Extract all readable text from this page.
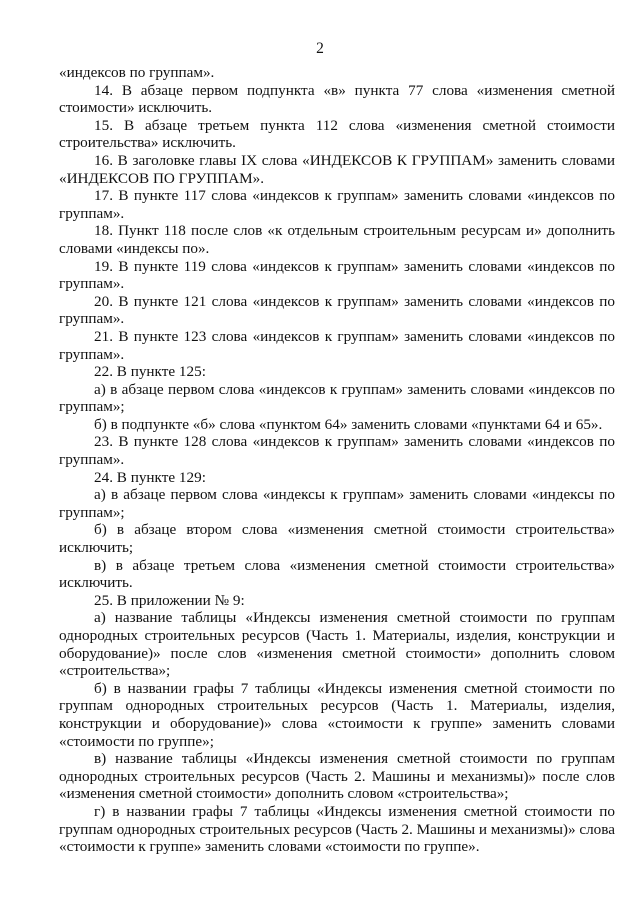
2

«индексов по группам».

14. В абзаце первом подпункта «в» пункта 77 слова «изменения сметной стоимости» исключить.

15. В абзаце третьем пункта 112 слова «изменения сметной стоимости строительства» исключить.

16. В заголовке главы IX слова «ИНДЕКСОВ К ГРУППАМ» заменить словами «ИНДЕКСОВ ПО ГРУППАМ».

17. В пункте 117 слова «индексов к группам» заменить словами «индексов по группам».

18. Пункт 118 после слов «к отдельным строительным ресурсам и» дополнить словами «индексы по».

19. В пункте 119 слова «индексов к группам» заменить словами «индексов по группам».

20. В пункте 121 слова «индексов к группам» заменить словами «индексов по группам».

21. В пункте 123 слова «индексов к группам» заменить словами «индексов по группам».

22. В пункте 125:

а) в абзаце первом слова «индексов к группам» заменить словами «индексов по группам»;

б) в подпункте «б» слова «пунктом 64» заменить словами «пунктами 64 и 65».

23. В пункте 128 слова «индексов к группам» заменить словами «индексов по группам».

24. В пункте 129:

а) в абзаце первом слова «индексы к группам» заменить словами «индексы по группам»;

б) в абзаце втором слова «изменения сметной стоимости строительства» исключить;

в) в абзаце третьем слова «изменения сметной стоимости строительства» исключить.

25. В приложении № 9:

а) название таблицы «Индексы изменения сметной стоимости по группам однородных строительных ресурсов (Часть 1. Материалы, изделия, конструкции и оборудование)» после слов «изменения сметной стоимости» дополнить словом «строительства»;

б) в названии графы 7 таблицы «Индексы изменения сметной стоимости по группам однородных строительных ресурсов (Часть 1. Материалы, изделия, конструкции и оборудование)» слова «стоимости к группе» заменить словами «стоимости по группе»;

в) название таблицы «Индексы изменения сметной стоимости по группам однородных строительных ресурсов (Часть 2. Машины и механизмы)» после слов «изменения сметной стоимости» дополнить словом «строительства»;

г) в названии графы 7 таблицы «Индексы изменения сметной стоимости по группам однородных строительных ресурсов (Часть 2. Машины и механизмы)» слова «стоимости к группе» заменить словами «стоимости по группе».
